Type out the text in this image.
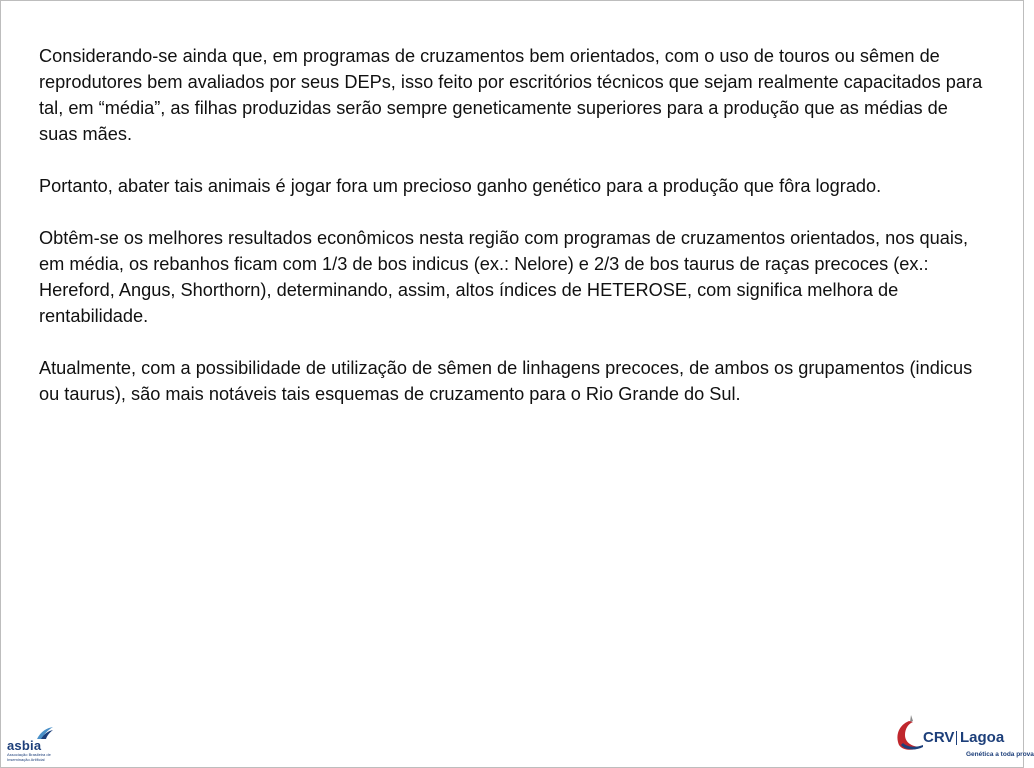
Considerando-se ainda que, em programas de cruzamentos bem orientados, com o uso de touros ou sêmen de reprodutores bem avaliados por seus DEPs, isso feito por escritórios técnicos que sejam realmente capacitados para tal, em “média”, as filhas produzidas serão sempre geneticamente superiores para a produção que as médias de suas mães.

Portanto, abater tais animais é jogar fora um precioso ganho genético para a produção que fôra logrado.

Obtêm-se os melhores resultados econômicos nesta região com programas de cruzamentos orientados, nos quais, em média, os rebanhos ficam com 1/3 de bos indicus (ex.: Nelore) e 2/3 de bos taurus de raças precoces (ex.: Hereford, Angus, Shorthorn), determinando, assim, altos índices de HETEROSE, com significa melhora de rentabilidade.

Atualmente, com a possibilidade de utilização de sêmen de linhagens precoces, de ambos os grupamentos (indicus ou taurus), são mais notáveis tais esquemas de cruzamento para o Rio Grande do Sul.

asbia
Associação Brasileira de Inseminação Artificial
CRV Lagoa
Genética a toda prova
